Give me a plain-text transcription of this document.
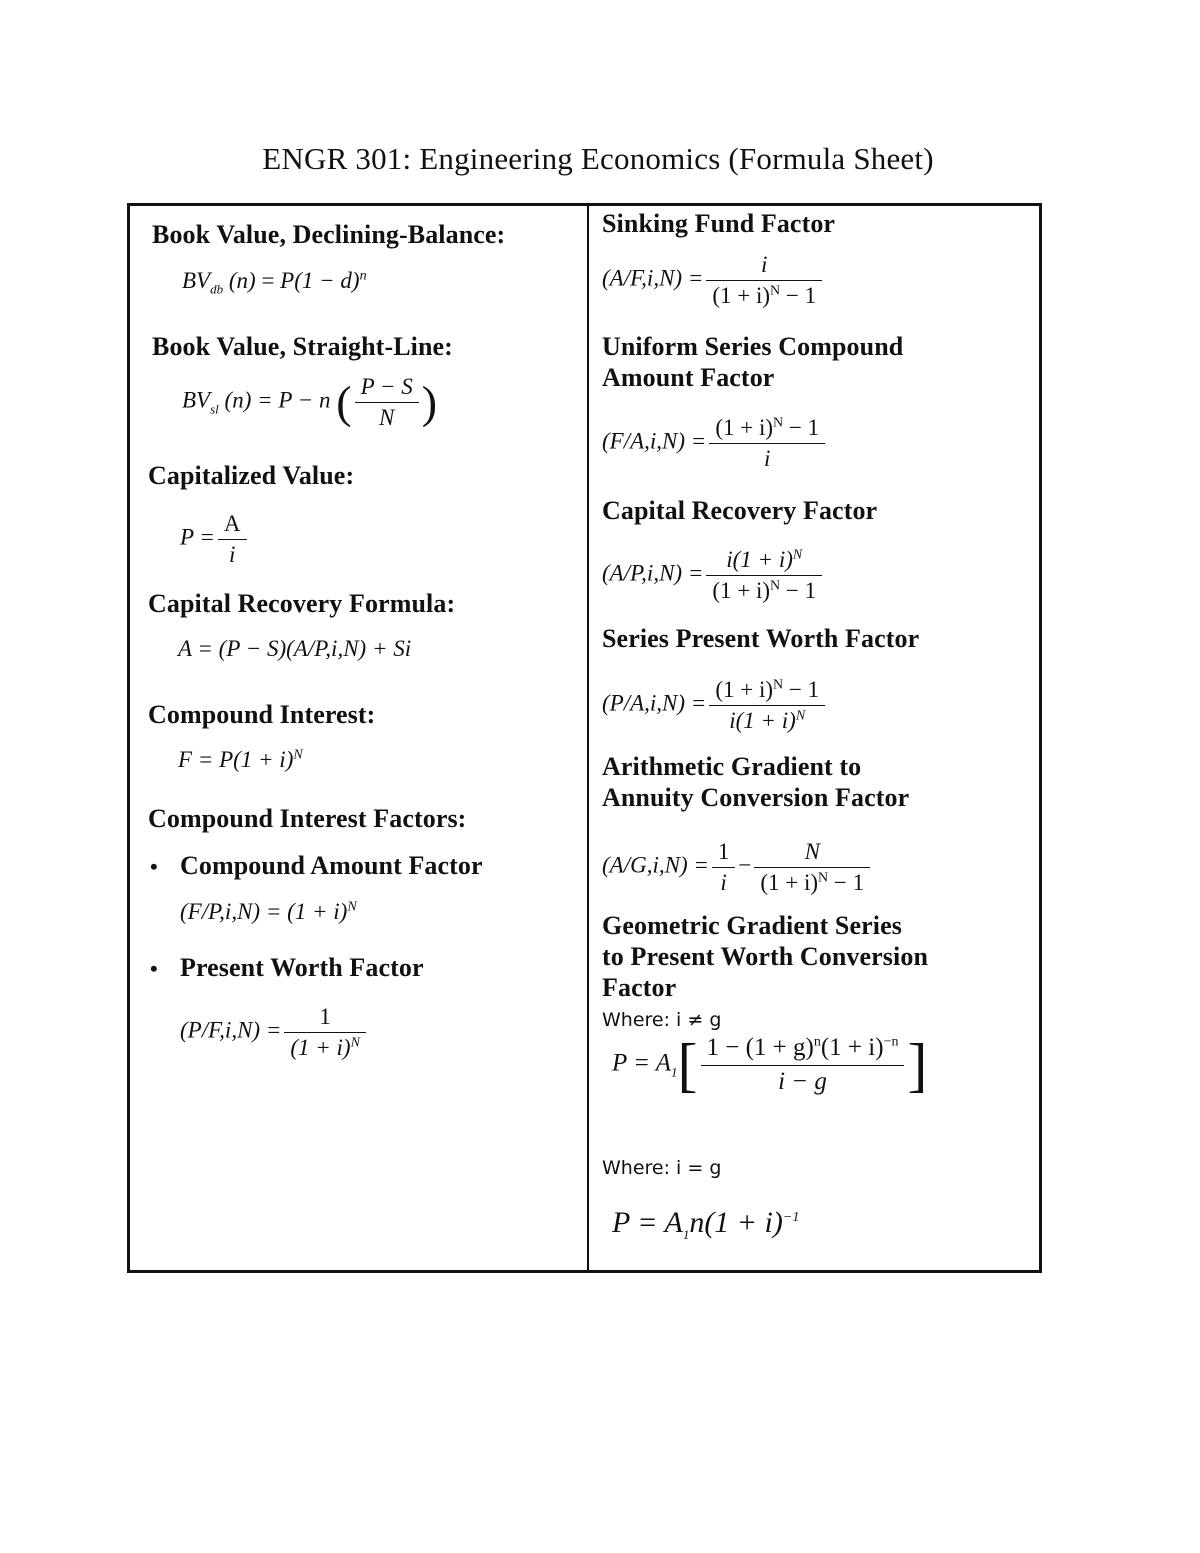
ENGR 301: Engineering Economics (Formula Sheet)
Book Value, Declining-Balance:
$BV_{db}$ $(n) = P(1 - d)^n$
Book Value, Straight-Line:
$BV_{sl}$ (n) = P − n ( $\frac{P - S}{N}$ )
Capitalized Value:
$P = \frac{A}{i}$
Capital Recovery Formula:
A = (P − S)(A/P,i,N) + Si
Compound Interest:
$F = P(1 + i)^N$
Compound Interest Factors:
• Compound Amount Factor
$(F/P,i,N) = (1 + i)^N$
• Present Worth Factor
$(P/F,i,N) = \frac{1}{(1 + i)^N}$
Sinking Fund Factor
$(A/F,i,N) = \frac{i}{(1 + i)^N - 1}$
Uniform Series Compound
Amount Factor
$(F/A,i,N) = \frac{(1 + i)^N - 1}{i}$
Capital Recovery Factor
$(A/P,i,N) = \frac{i(1 + i)^N}{(1 + i)^N - 1}$
Series Present Worth Factor
$(P/A,i,N) = \frac{(1 + i)^N - 1}{i(1 + i)^N}$
Arithmetic Gradient to
Annuity Conversion Factor
$(A/G,i,N) = \frac{1}{i} - \frac{N}{(1 + i)^N - 1}$
Geometric Gradient Series
to Present Worth Conversion
Factor
Where: i ≠ g
$P = A_1[ \frac{1 - (1 + g)^n(1 + i)^{-n}}{i - g}$ ]
Where: i = g
$P = A_1n(1 + i)^{-1}$
